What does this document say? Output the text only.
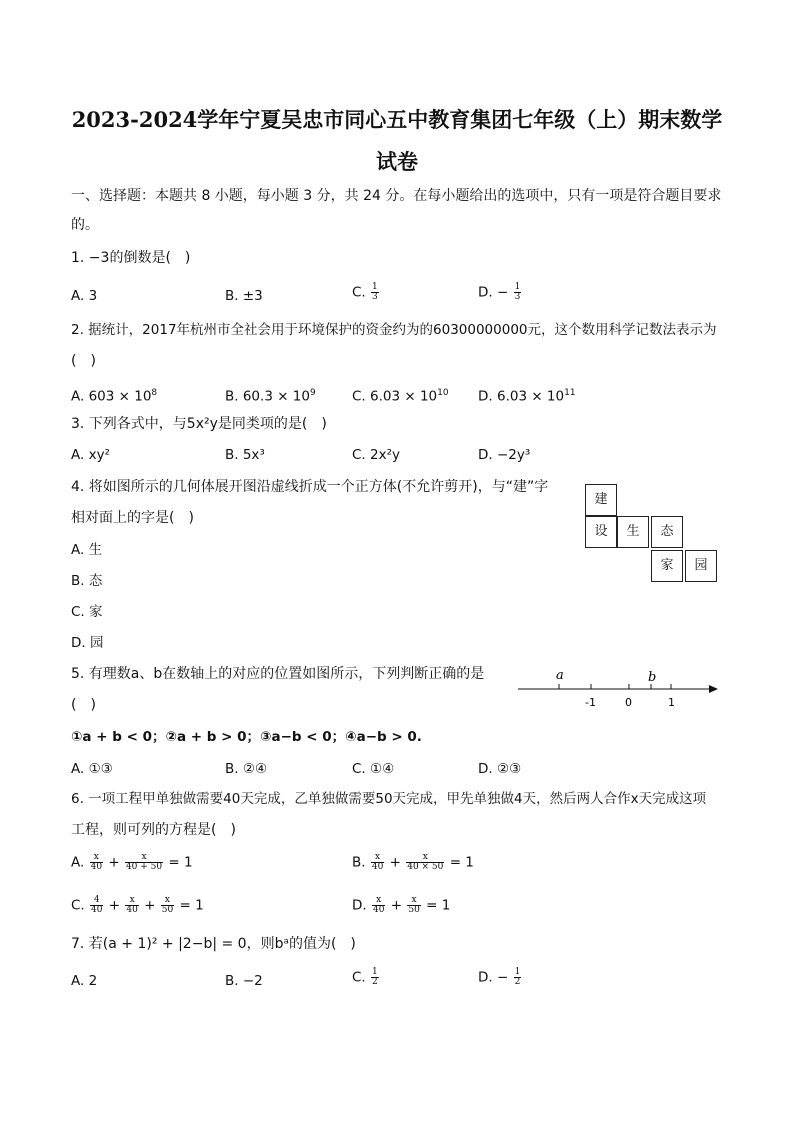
2023-2024学年宁夏吴忠市同心五中教育集团七年级（上）期末数学
试卷
一、选择题：本题共 8 小题，每小题 3 分，共 24 分。在每小题给出的选项中，只有一项是符合题目要求
的。
1. −3的倒数是(　)
A. 3	B. ±3	C. $\frac{1}{3}$	D. − $\frac{1}{3}$
2. 据统计，2017年杭州市全社会用于环境保护的资金约为的60300000000元，这个数用科学记数法表示为
(　)
A. $603 \times 10^8$	B. $60.3 \times 10^9$	C. $6.03 \times 10^{10}$ D. $6.03 \times 10^{11}$
3. 下列各式中，与5x²y是同类项的是(　)
A. xy²	B. 5x³	C. 2x²y	D. −2y³
4. 将如图所示的几何体展开图沿虚线折成一个正方体(不允许剪开)，与“建”字
相对面上的字是(　)
A. 生
B. 态
C. 家
D. 园
建
设	生	态
家	园
5. 有理数a、b在数轴上的对应的位置如图所示，下列判断正确的是
(　)
a	b
-1	0	1
①a + b < 0；②a + b > 0；③a−b < 0；④a−b > 0.
A. ①③	B. ②④	C. ①④	D. ②③
6. 一项工程甲单独做需要40天完成，乙单独做需要50天完成，甲先单独做4天，然后两人合作x天完成这项
工程，则可列的方程是(　)
A. $\frac{x}{40} + \frac{x}{40 + 50} = 1$	B. $\frac{x}{40} + \frac{x}{40 \times 50} = 1$
C. $\frac{4}{40} + \frac{x}{40} + \frac{x}{50} = 1$	D. $\frac{x}{40} + \frac{x}{50} = 1$
7. 若(a + 1)² + |2−b| = 0，则bᵃ的值为(　)
A. 2	B. −2	C. $\frac{1}{2}$	D. − $\frac{1}{2}$
